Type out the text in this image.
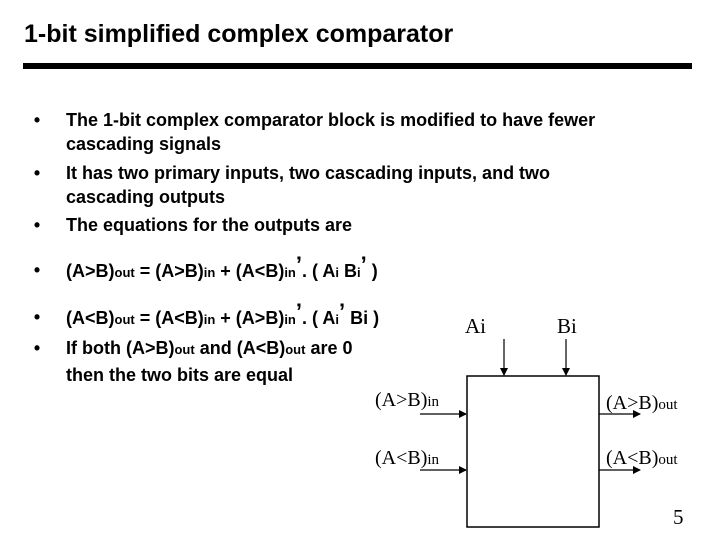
1-bit simplified complex comparator
• The 1-bit complex comparator block is modified to have fewer
cascading signals
• It has two primary inputs, two cascading inputs, and two
cascading outputs
• The equations for the outputs are
• (A>B)out = (A>B)in + (A<B)in’. ( Ai Bi’ )
• (A<B)out = (A<B)in + (A>B)in’. ( Ai’ Bi )
• If both (A>B)out and (A<B)out are 0
then the two bits are equal
Ai	Bi
(A>B)in
(A<B)in
(A>B)out
(A<B)out
5
